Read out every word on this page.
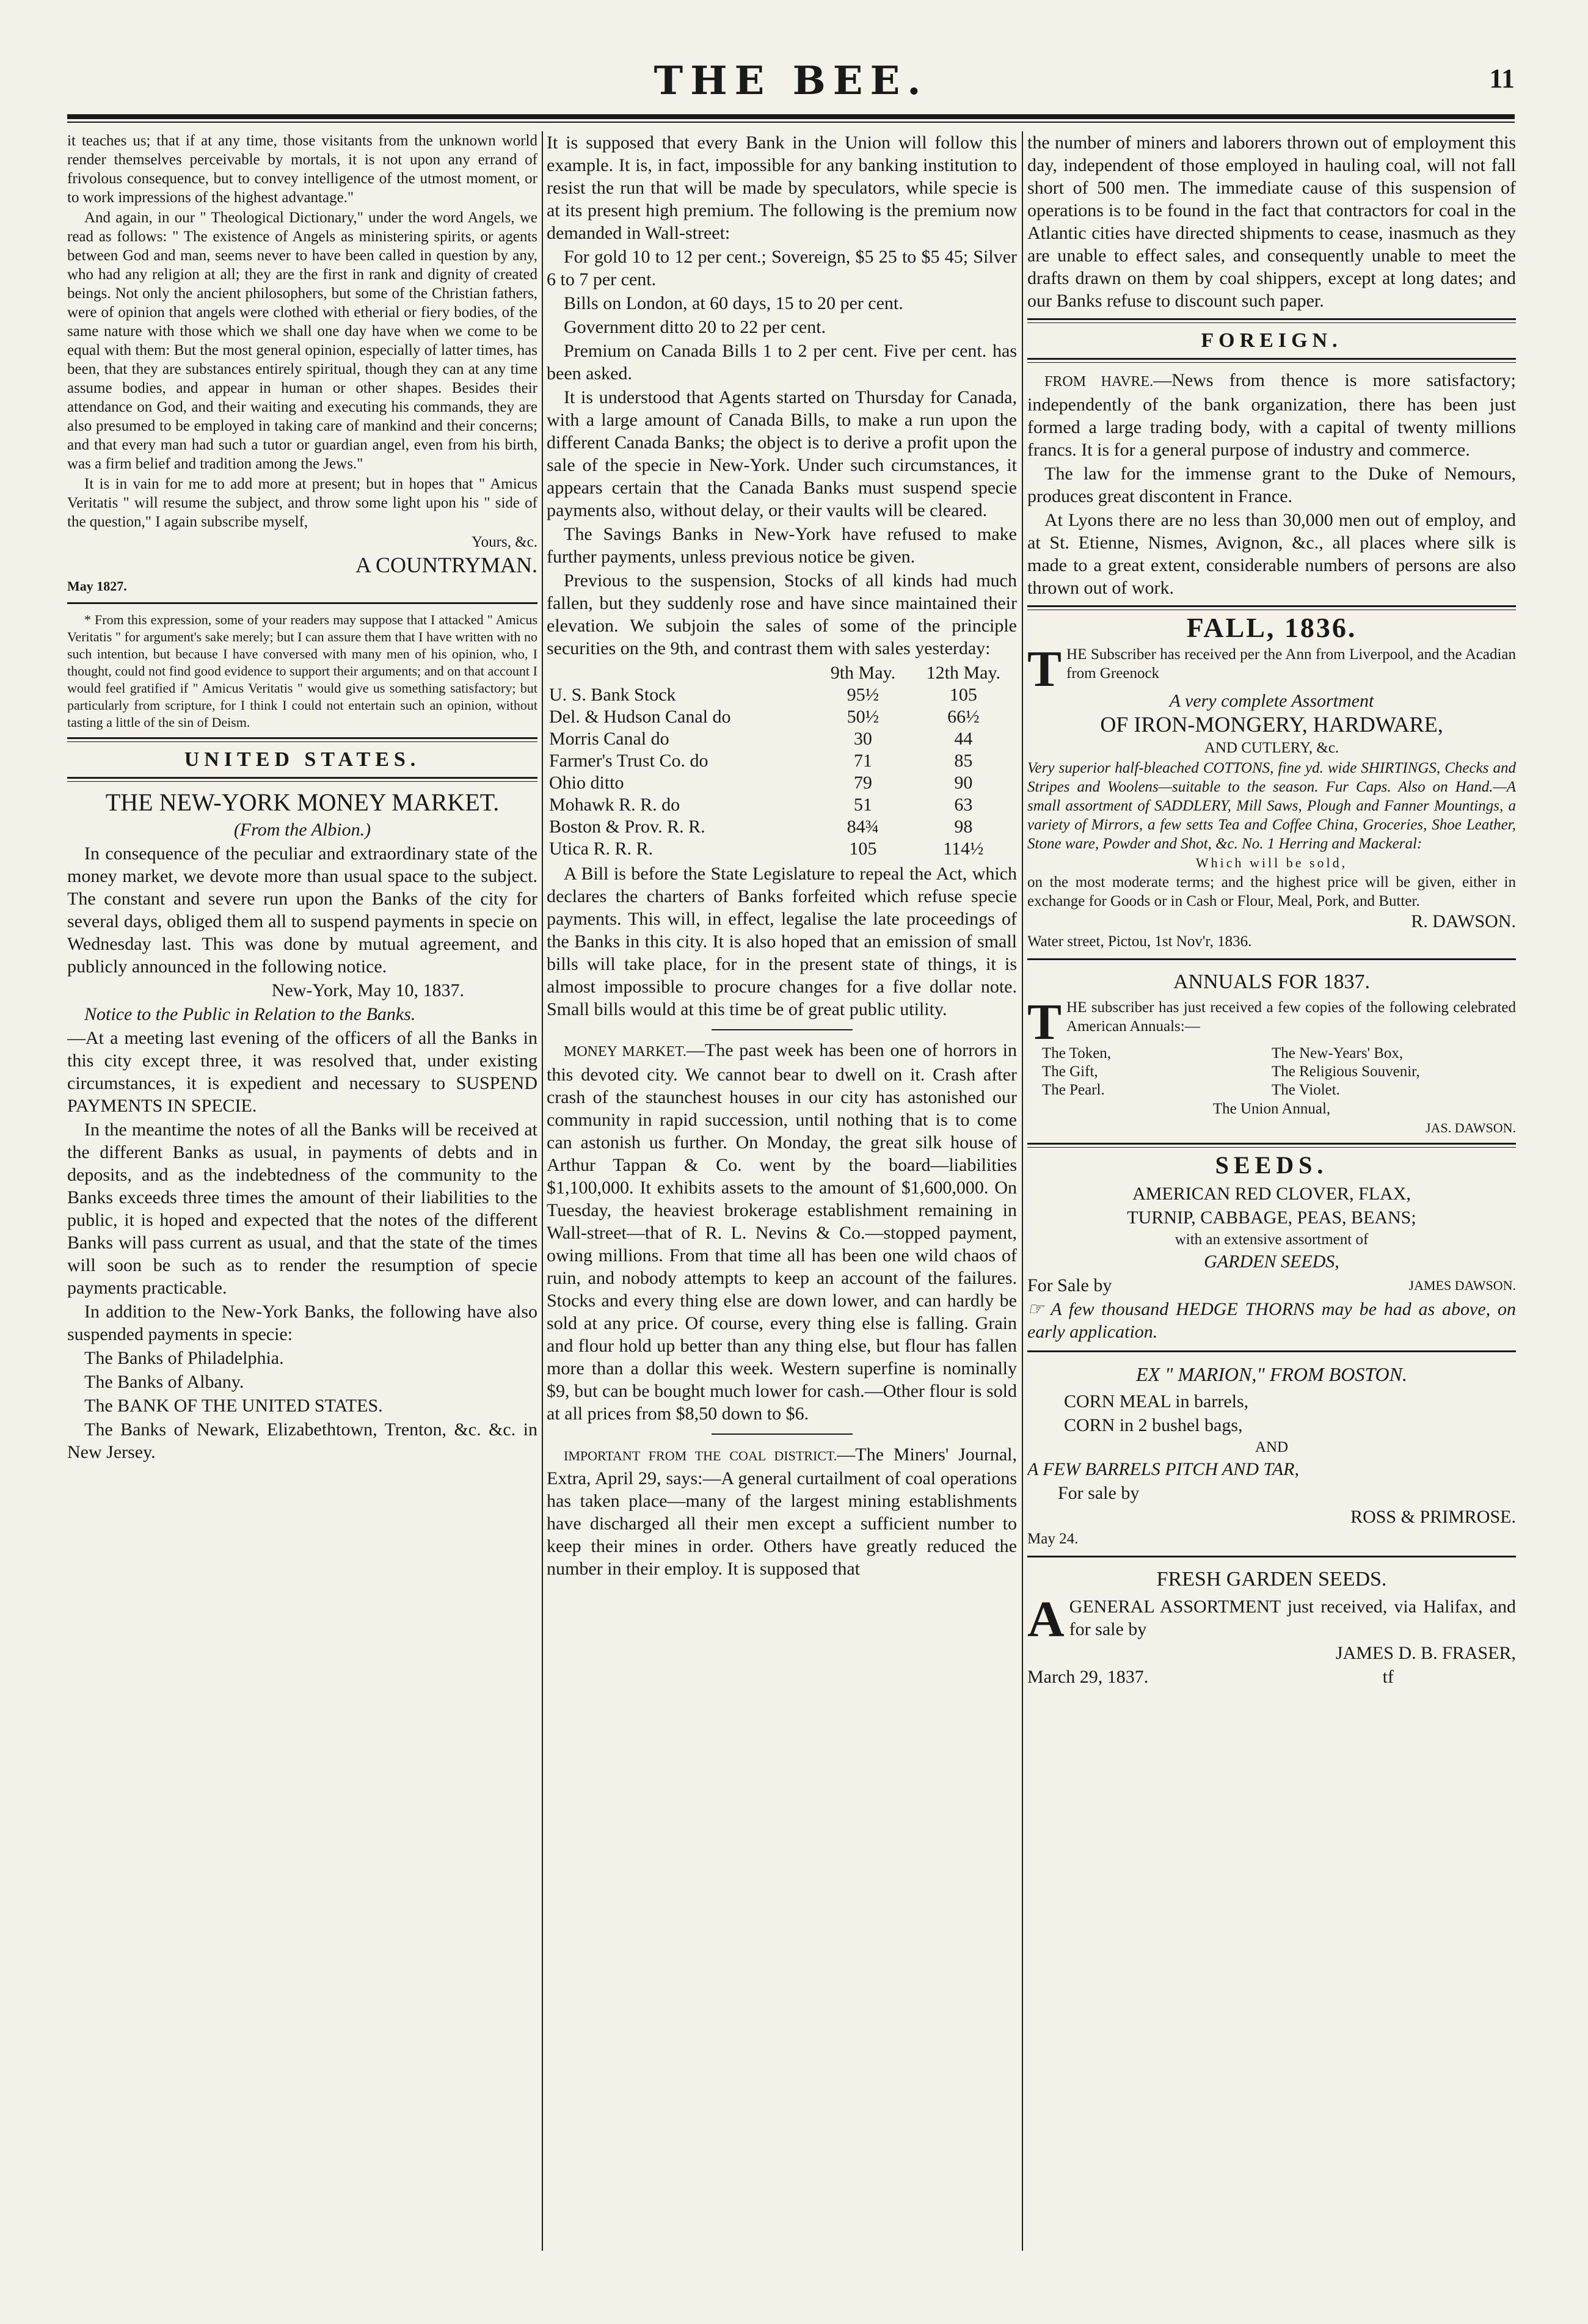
THE BEE.	11

it teaches us; that if at any time, those visitants from the unknown world render themselves perceivable by mortals, it is not upon any errand of frivolous consequence, but to convey intelligence of the utmost moment, or to work impressions of the highest advantage."

And again, in our " Theological Dictionary," under the word Angels, we read as follows: " The existence of Angels as ministering spirits, or agents between God and man, seems never to have been called in question by any, who had any religion at all; they are the first in rank and dignity of created beings. Not only the ancient philosophers, but some of the Christian fathers, were of opinion that angels were clothed with etherial or fiery bodies, of the same nature with those which we shall one day have when we come to be equal with them: But the most general opinion, especially of latter times, has been, that they are substances entirely spiritual, though they can at any time assume bodies, and appear in human or other shapes. Besides their attendance on God, and their waiting and executing his commands, they are also presumed to be employed in taking care of mankind and their concerns; and that every man had such a tutor or guardian angel, even from his birth, was a firm belief and tradition among the Jews."

It is in vain for me to add more at present; but in hopes that " Amicus Veritatis " will resume the subject, and throw some light upon his " side of the question," I again subscribe myself,

Yours, &c.

A COUNTRYMAN.

May 1827.

* From this expression, some of your readers may suppose that I attacked " Amicus Veritatis " for argument's sake merely; but I can assure them that I have written with no such intention, but because I have conversed with many men of his opinion, who, I thought, could not find good evidence to support their arguments; and on that account I would feel gratified if " Amicus Veritatis " would give us something satisfactory; but particularly from scripture, for I think I could not entertain such an opinion, without tasting a little of the sin of Deism.

UNITED STATES.
THE NEW-YORK MONEY MARKET.

(From the Albion.)

In consequence of the peculiar and extraordinary state of the money market, we devote more than usual space to the subject. The constant and severe run upon the Banks of the city for several days, obliged them all to suspend payments in specie on Wednesday last. This was done by mutual agreement, and publicly announced in the following notice.

New-York, May 10, 1837.

Notice to the Public in Relation to the Banks.

—At a meeting last evening of the officers of all the Banks in this city except three, it was resolved that, under existing circumstances, it is expedient and necessary to SUSPEND PAYMENTS IN SPECIE.

In the meantime the notes of all the Banks will be received at the different Banks as usual, in payments of debts and in deposits, and as the indebtedness of the community to the Banks exceeds three times the amount of their liabilities to the public, it is hoped and expected that the notes of the different Banks will pass current as usual, and that the state of the times will soon be such as to render the resumption of specie payments practicable.

In addition to the New-York Banks, the following have also suspended payments in specie:

The Banks of Philadelphia.

The Banks of Albany.

The BANK OF THE UNITED STATES.

The Banks of Newark, Elizabethtown, Trenton, &c. &c. in New Jersey.

It is supposed that every Bank in the Union will follow this example. It is, in fact, impossible for any banking institution to resist the run that will be made by speculators, while specie is at its present high premium. The following is the premium now demanded in Wall-street:

For gold 10 to 12 per cent.; Sovereign, $5 25 to $5 45; Silver 6 to 7 per cent.

Bills on London, at 60 days, 15 to 20 per cent.

Government ditto 20 to 22 per cent.

Premium on Canada Bills 1 to 2 per cent. Five per cent. has been asked.

It is understood that Agents started on Thursday for Canada, with a large amount of Canada Bills, to make a run upon the different Canada Banks; the object is to derive a profit upon the sale of the specie in New-York. Under such circumstances, it appears certain that the Canada Banks must suspend specie payments also, without delay, or their vaults will be cleared.

The Savings Banks in New-York have refused to make further payments, unless previous notice be given.

Previous to the suspension, Stocks of all kinds had much fallen, but they suddenly rose and have since maintained their elevation. We subjoin the sales of some of the principle securities on the 9th, and contrast them with sales yesterday:

	9th May.	12th May.
U. S. Bank Stock	95½	105
Del. & Hudson Canal do	50½	66½
Morris Canal do	30	44
Farmer's Trust Co. do	71	85
Ohio ditto	79	90
Mohawk R. R. do	51	63
Boston & Prov. R. R.	84¾	98
Utica R. R. R.	105	114½

A Bill is before the State Legislature to repeal the Act, which declares the charters of Banks forfeited which refuse specie payments. This will, in effect, legalise the late proceedings of the Banks in this city. It is also hoped that an emission of small bills will take place, for in the present state of things, it is almost impossible to procure changes for a five dollar note. Small bills would at this time be of great public utility.

MONEY MARKET.—The past week has been one of horrors in this devoted city. We cannot bear to dwell on it. Crash after crash of the staunchest houses in our city has astonished our community in rapid succession, until nothing that is to come can astonish us further. On Monday, the great silk house of Arthur Tappan & Co. went by the board—liabilities $1,100,000. It exhibits assets to the amount of $1,600,000. On Tuesday, the heaviest brokerage establishment remaining in Wall-street—that of R. L. Nevins & Co.—stopped payment, owing millions. From that time all has been one wild chaos of ruin, and nobody attempts to keep an account of the failures. Stocks and every thing else are down lower, and can hardly be sold at any price. Of course, every thing else is falling. Grain and flour hold up better than any thing else, but flour has fallen more than a dollar this week. Western superfine is nominally $9, but can be bought much lower for cash.—Other flour is sold at all prices from $8,50 down to $6.

IMPORTANT FROM THE COAL DISTRICT.—The Miners' Journal, Extra, April 29, says:—A general curtailment of coal operations has taken place—many of the largest mining establishments have discharged all their men except a sufficient number to keep their mines in order. Others have greatly reduced the number in their employ. It is supposed that

the number of miners and laborers thrown out of employment this day, independent of those employed in hauling coal, will not fall short of 500 men. The immediate cause of this suspension of operations is to be found in the fact that contractors for coal in the Atlantic cities have directed shipments to cease, inasmuch as they are unable to effect sales, and consequently unable to meet the drafts drawn on them by coal shippers, except at long dates; and our Banks refuse to discount such paper.

FOREIGN.

FROM HAVRE.—News from thence is more satisfactory; independently of the bank organization, there has been just formed a large trading body, with a capital of twenty millions francs. It is for a general purpose of industry and commerce.

The law for the immense grant to the Duke of Nemours, produces great discontent in France.

At Lyons there are no less than 30,000 men out of employ, and at St. Etienne, Nismes, Avignon, &c., all places where silk is made to a great extent, considerable numbers of persons are also thrown out of work.

FALL, 1836.
T HE Subscriber has received per the Ann from Liverpool, and the Acadian from Greenock

A very complete Assortment

OF IRON-MONGERY, HARDWARE,

AND CUTLERY, &c.

Very superior half-bleached COTTONS, fine yd. wide SHIRTINGS, Checks and Stripes and Woolens—suitable to the season. Fur Caps. Also on Hand.—A small assortment of SADDLERY, Mill Saws, Plough and Fanner Mountings, a variety of Mirrors, a few setts Tea and Coffee China, Groceries, Shoe Leather, Stone ware, Powder and Shot, &c. No. 1 Herring and Mackeral:

Which will be sold,

on the most moderate terms; and the highest price will be given, either in exchange for Goods or in Cash or Flour, Meal, Pork, and Butter.

R. DAWSON.

Water street, Pictou, 1st Nov'r, 1836.

ANNUALS FOR 1837.
T HE subscriber has just received a few copies of the following celebrated American Annuals:—

The Token,	The New-Years' Box,
The Gift,	The Religious Souvenir,
The Pearl.	The Violet.

The Union Annual,

JAS. DAWSON.

SEEDS.

AMERICAN RED CLOVER, FLAX,

TURNIP, CABBAGE, PEAS, BEANS;

with an extensive assortment of

GARDEN SEEDS,

For Sale by	JAMES DAWSON.

☞ A few thousand HEDGE THORNS may be had as above, on early application.

EX " MARION," FROM BOSTON.

CORN MEAL in barrels,

CORN in 2 bushel bags,

AND

A FEW BARRELS PITCH AND TAR,

For sale by

ROSS & PRIMROSE.

May 24.

FRESH GARDEN SEEDS.
A GENERAL ASSORTMENT just received, via Halifax, and for sale by

JAMES D. B. FRASER,

March 29, 1837.	tf
